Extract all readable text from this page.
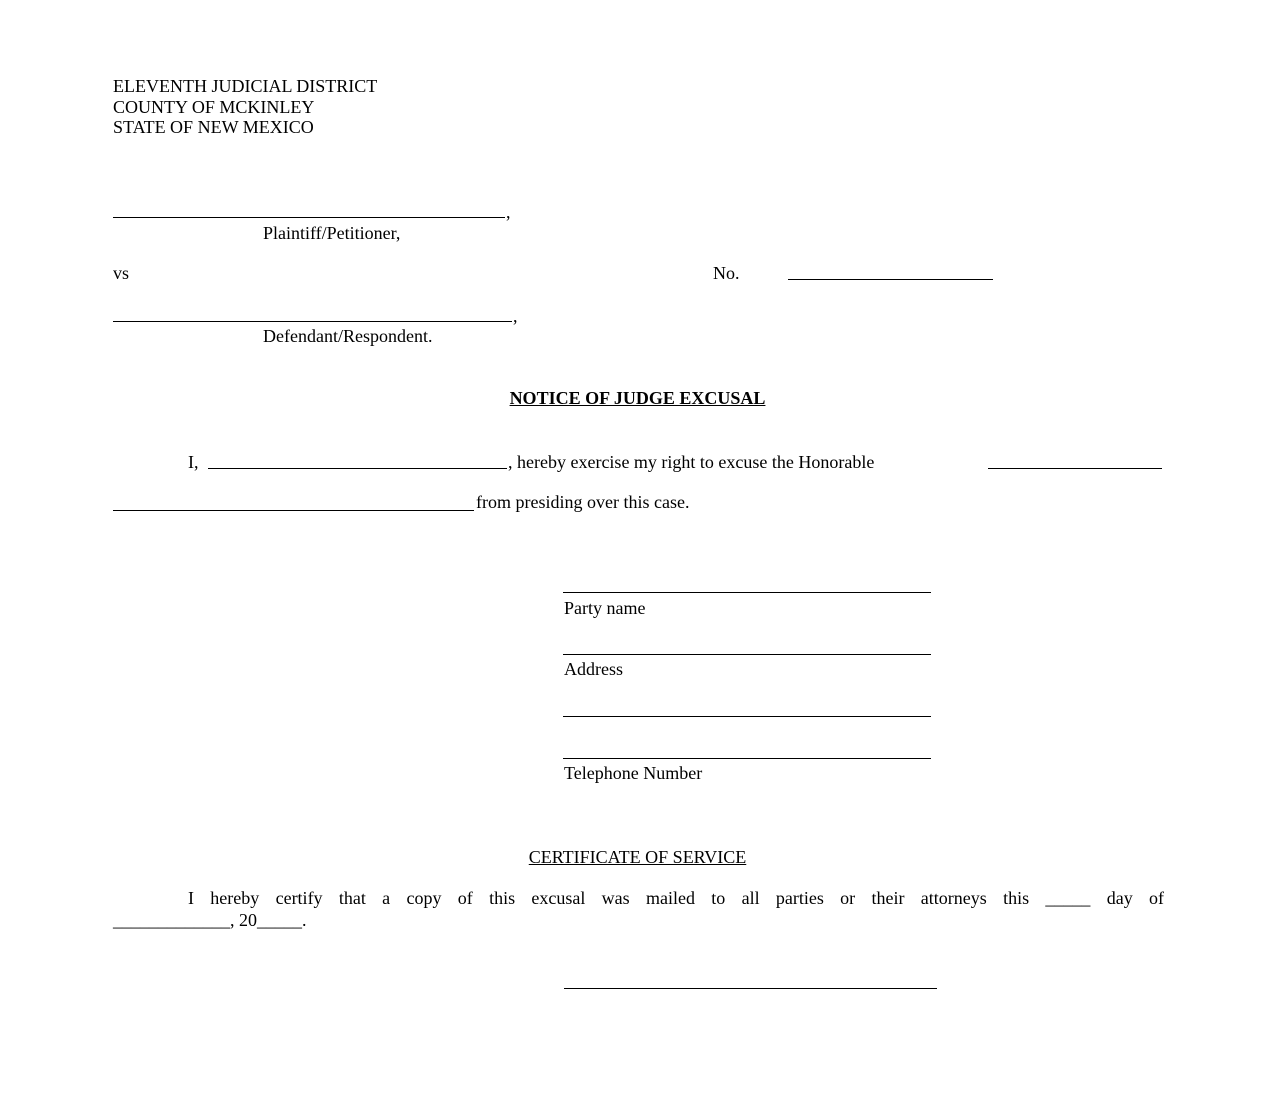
ELEVENTH JUDICIAL DISTRICT
COUNTY OF MCKINLEY
STATE OF NEW MEXICO
,
Plaintiff/Petitioner,
vs	No.
,
Defendant/Respondent.
NOTICE OF JUDGE EXCUSAL
I,	, hereby exercise my right to excuse the Honorable
from presiding over this case.
Party name
Address
Telephone Number
CERTIFICATE OF SERVICE
I hereby certify that a copy of this excusal was mailed to all parties or their attorneys this _____ day of
_____________, 20_____.
